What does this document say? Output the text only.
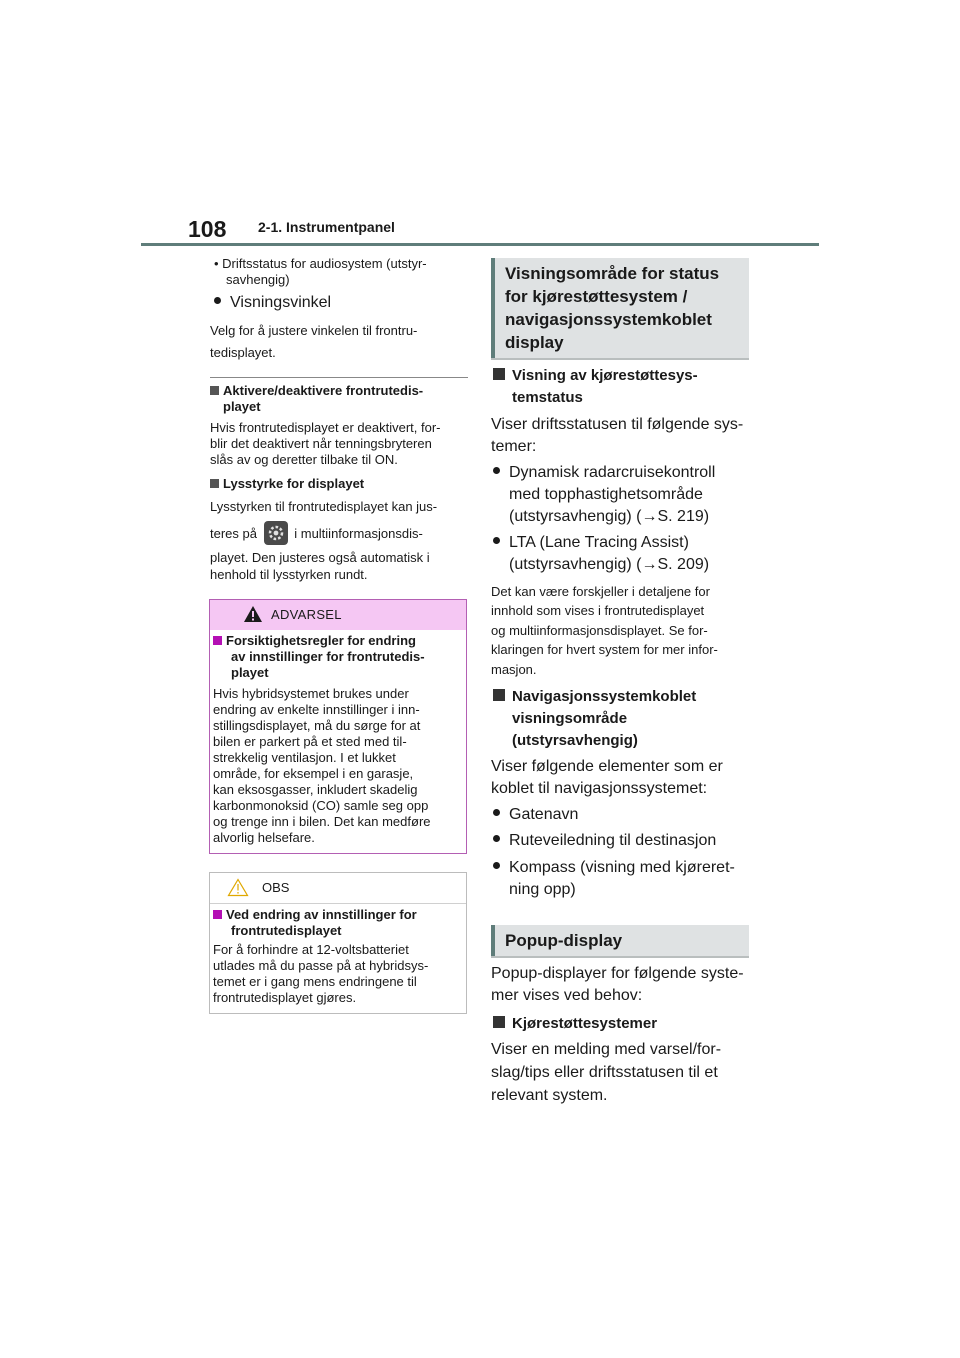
108 2-1. Instrumentpanel
• Driftsstatus for audiosystem (utstyr-
savhengig)
Visningsvinkel
Velg for å justere vinkelen til frontru-
tedisplayet.
Aktivere/deaktivere frontrutedis-
playet
Hvis frontrutedisplayet er deaktivert, for-
blir det deaktivert når tenningsbryteren
slås av og deretter tilbake til ON.
Lysstyrke for displayet
Lysstyrken til frontrutedisplayet kan jus-
teres på	i multiinformasjonsdis-
playet. Den justeres også automatisk i
henhold til lysstyrken rundt.
ADVARSEL
Forsiktighetsregler for endring
av innstillinger for frontrutedis-
playet
Hvis hybridsystemet brukes under
endring av enkelte innstillinger i inn-
stillingsdisplayet, må du sørge for at
bilen er parkert på et sted med til-
strekkelig ventilasjon. I et lukket
område, for eksempel i en garasje,
kan eksosgasser, inkludert skadelig
karbonmonoksid (CO) samle seg opp
og trenge inn i bilen. Det kan medføre
alvorlig helsefare.
OBS
Ved endring av innstillinger for
frontrutedisplayet
For å forhindre at 12-voltsbatteriet
utlades må du passe på at hybridsys-
temet er i gang mens endringene til
frontrutedisplayet gjøres.
Visningsområde for status
for kjørestøttesystem /
navigasjonssystemkoblet
display
Visning av kjørestøttesys-
temstatus
Viser driftsstatusen til følgende sys-
temer:
Dynamisk radarcruisekontroll
med topphastighetsområde
(utstyrsavhengig) (→S. 219)
LTA (Lane Tracing Assist)
(utstyrsavhengig) (→S. 209)
Det kan være forskjeller i detaljene for
innhold som vises i frontrutedisplayet
og multiinformasjonsdisplayet. Se for-
klaringen for hvert system for mer infor-
masjon.
Navigasjonssystemkoblet
visningsområde
(utstyrsavhengig)
Viser følgende elementer som er
koblet til navigasjonssystemet:
Gatenavn
Ruteveiledning til destinasjon
Kompass (visning med kjøreret-
ning opp)
Popup-display
Popup-displayer for følgende syste-
mer vises ved behov:
Kjørestøttesystemer
Viser en melding med varsel/for-
slag/tips eller driftsstatusen til et
relevant system.
